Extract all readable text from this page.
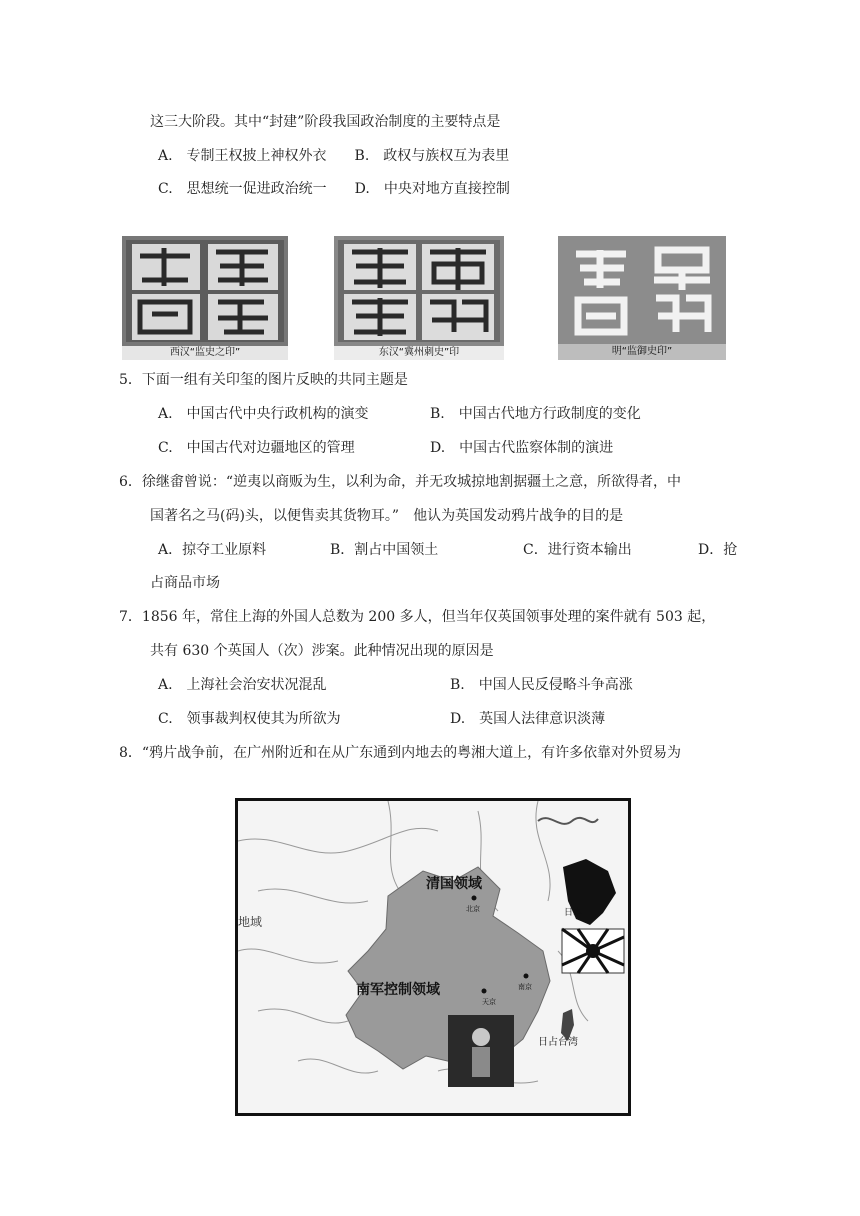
这三大阶段。其中“封建”阶段我国政治制度的主要特点是
A.　专制王权披上神权外衣　　B.　政权与族权互为表里
C.　思想统一促进政治统一　　D.　中央对地方直接控制
西汉“监史之印”	东汉“冀州刺史”印	明“监御史印”
5．下面一组有关印玺的图片反映的共同主题是
A.　中国古代中央行政机构的演变	B.　中国古代地方行政制度的变化
C.　中国古代对边疆地区的管理	D.　中国古代监察体制的演进
6．徐继畬曾说：“逆夷以商贩为生，以利为命，并无攻城掠地割据疆土之意，所欲得者，中
国著名之马(码)头，以便售卖其货物耳。”　他认为英国发动鸦片战争的目的是
A．掠夺工业原料	B．割占中国领土	C．进行资本输出	D．抢
占商品市场
7．1856 年，常住上海的外国人总数为 200 多人，但当年仅英国领事处理的案件就有 503 起，
共有 630 个英国人（次）涉案。此种情况出现的原因是
A.　上海社会治安状况混乱	B.　中国人民反侵略斗争高涨
C.　领事裁判权使其为所欲为	D.　英国人法律意识淡薄
8．“鸦片战争前，在广州附近和在从广东通到内地去的粤湘大道上，有许多依靠对外贸易为
清国领域
北京	日本
地域
南军控制领域	南京
天京
日占台湾
